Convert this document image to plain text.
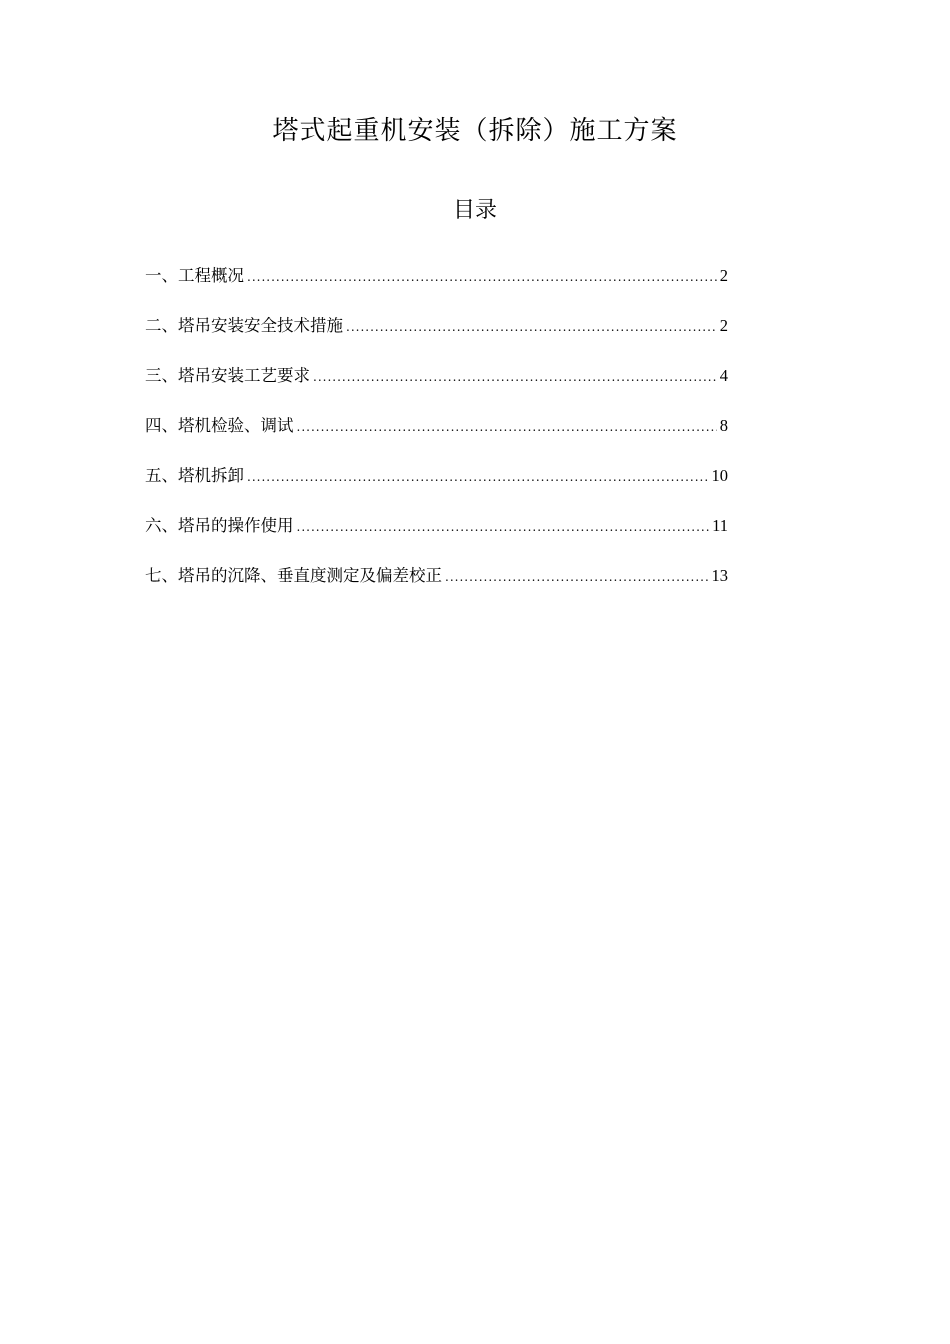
塔式起重机安装（拆除）施工方案
目录
一、工程概况 .....	2
二、塔吊安装安全技术措施 .....	2
三、塔吊安装工艺要求 .....	4
四、塔机检验、调试 .....	8
五、塔机拆卸 .....	10
六、塔吊的操作使用 .....	11
七、塔吊的沉降、垂直度测定及偏差校正 .....	13
